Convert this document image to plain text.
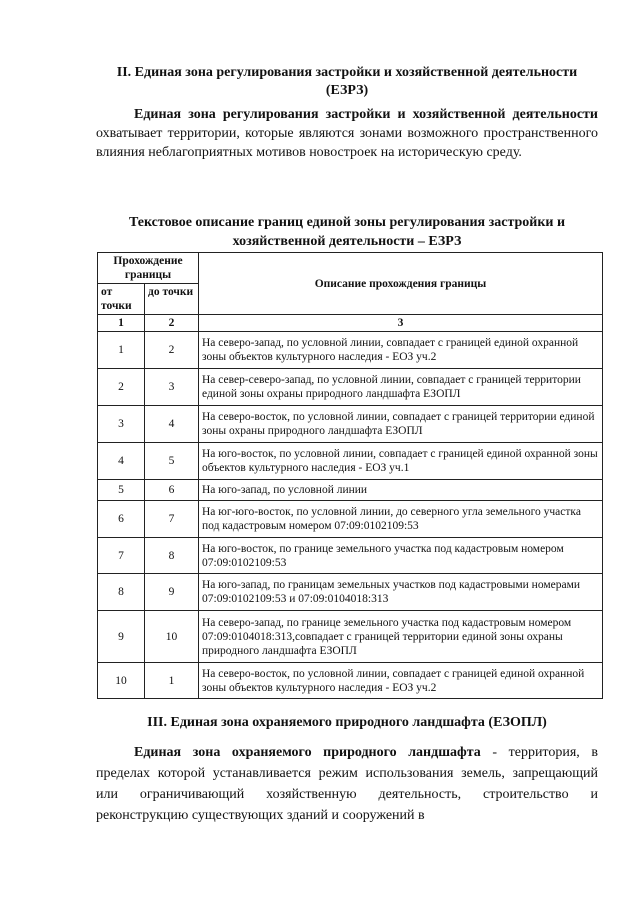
II. Единая зона регулирования застройки и хозяйственной деятельности
(ЕЗРЗ)
Единая зона регулирования застройки и хозяйственной деятельности охватывает территории, которые являются зонами возможного пространственного влияния неблагоприятных мотивов новостроек на историческую среду.
Текстовое описание границ единой зоны регулирования застройки и
хозяйственной деятельности – ЕЗРЗ
Прохождение границы		Описание прохождения границы
от точки	до точки	
1	2	3
1	2	На северо-запад, по условной линии, совпадает с границей единой охранной зоны объектов культурного наследия - ЕОЗ уч.2
2	3	На север-северо-запад, по условной линии, совпадает с границей территории единой зоны охраны природного ландшафта ЕЗОПЛ
3	4	На северо-восток, по условной линии, совпадает с границей территории единой зоны охраны природного ландшафта ЕЗОПЛ
4	5	На юго-восток, по условной линии, совпадает с границей единой охранной зоны объектов культурного наследия - ЕОЗ уч.1
5	6	На юго-запад, по условной линии
6	7	На юг-юго-восток, по условной линии, до северного угла земельного участка под кадастровым номером 07:09:0102109:53
7	8	На юго-восток, по границе земельного участка под кадастровым номером 07:09:0102109:53
8	9	На юго-запад, по границам земельных участков под кадастровыми номерами 07:09:0102109:53 и 07:09:0104018:313
9	10	На северо-запад, по границе земельного участка под кадастровым номером 07:09:0104018:313,совпадает с границей территории единой зоны охраны природного ландшафта ЕЗОПЛ
10	1	На северо-восток, по условной линии, совпадает с границей единой охранной зоны объектов культурного наследия - ЕОЗ уч.2
III. Единая зона охраняемого природного ландшафта (ЕЗОПЛ)
Единая зона охраняемого природного ландшафта - территория, в пределах которой устанавливается режим использования земель, запрещающий или ограничивающий хозяйственную деятельность, строительство и реконструкцию существующих зданий и сооружений в
